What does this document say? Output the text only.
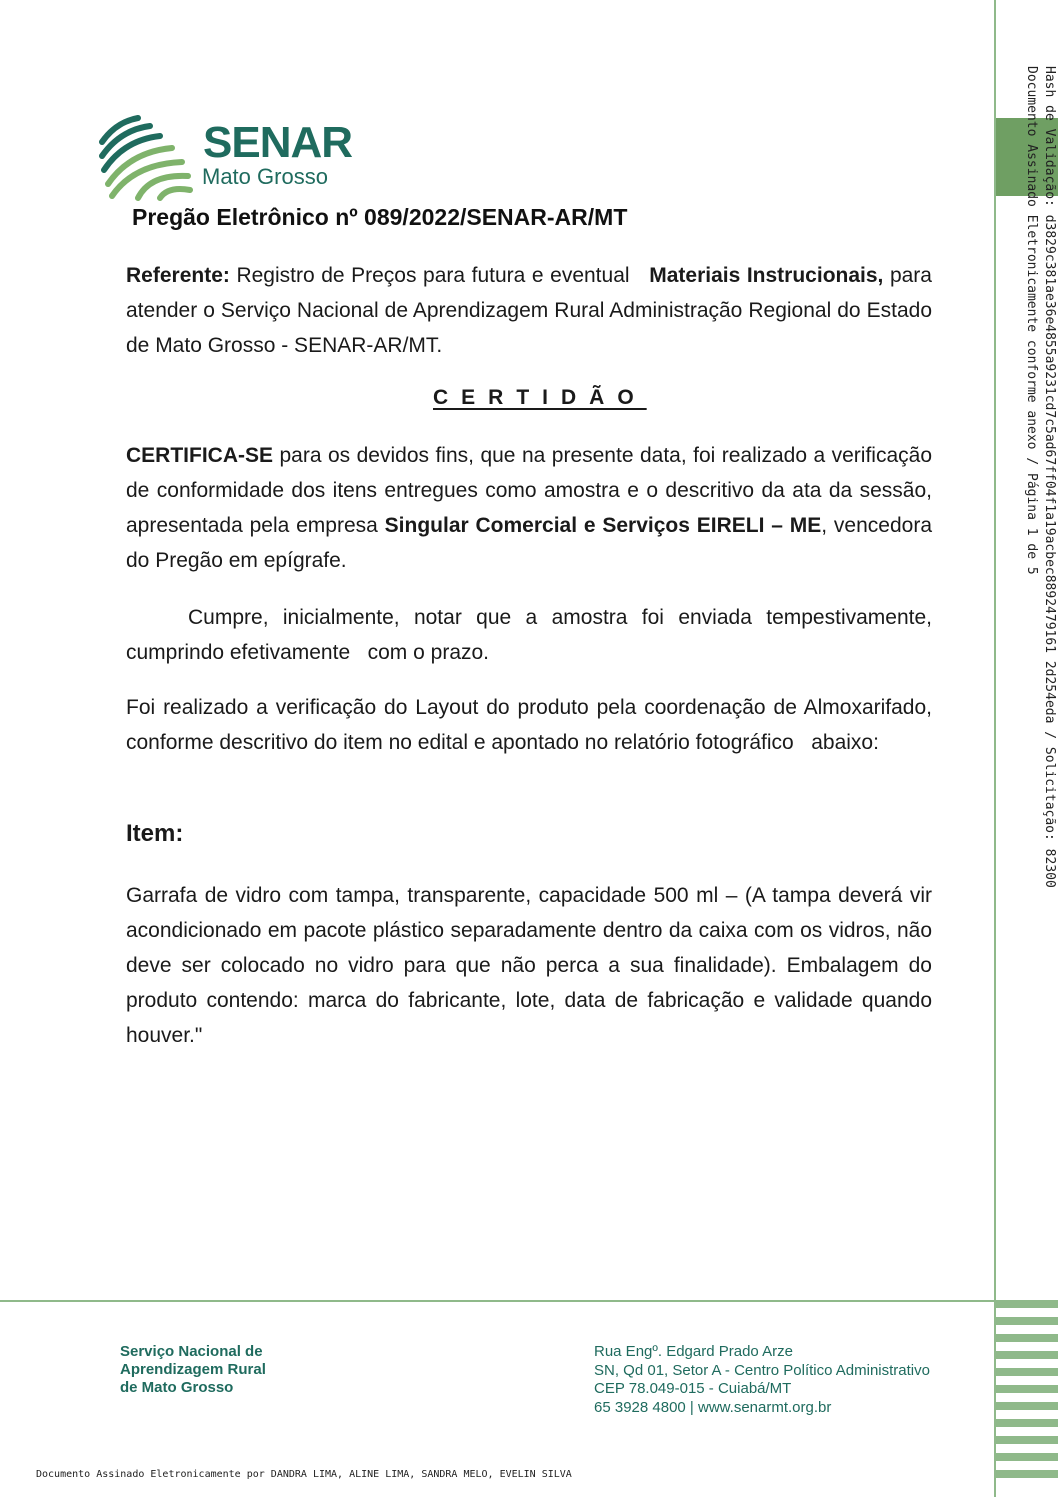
Hash de Validação: d3829c381ae36e4855a9231cd7c5ad67ff04f1a19acbec8892479161 2d254eda / Solicitação: 82300
Documento Assinado Eletronicamente conforme anexo / Página 1 de 5
SENAR
Mato Grosso
Pregão Eletrônico nº 089/2022/SENAR-AR/MT
Referente: Registro de Preços para futura e eventual   Materiais Instrucionais, para atender o Serviço Nacional de Aprendizagem Rural Administração Regional do Estado de Mato Grosso - SENAR-AR/MT.
CERTIDÃO
CERTIFICA-SE para os devidos fins, que na presente data, foi realizado a verificação de conformidade dos itens entregues como amostra e o descritivo da ata da sessão, apresentada pela empresa Singular Comercial e Serviços EIRELI – ME, vencedora do Pregão em epígrafe.
Cumpre, inicialmente, notar que a amostra foi enviada tempestivamente, cumprindo efetivamente   com o prazo.
Foi realizado a verificação do Layout do produto pela coordenação de Almoxarifado, conforme descritivo do item no edital e apontado no relatório fotográfico   abaixo:
Item:
Garrafa de vidro com tampa, transparente, capacidade 500 ml – (A tampa deverá vir acondicionado em pacote plástico separadamente dentro da caixa com os vidros, não deve ser colocado no vidro para que não perca a sua finalidade). Embalagem do produto contendo: marca do fabricante, lote, data de fabricação e validade quando houver."
Serviço Nacional de
Aprendizagem Rural
de Mato Grosso
Rua Engº. Edgard Prado Arze
SN, Qd 01, Setor A - Centro Político Administrativo
CEP 78.049-015 - Cuiabá/MT
65 3928 4800 | www.senarmt.org.br
Documento Assinado Eletronicamente por DANDRA LIMA, ALINE LIMA, SANDRA MELO, EVELIN SILVA
